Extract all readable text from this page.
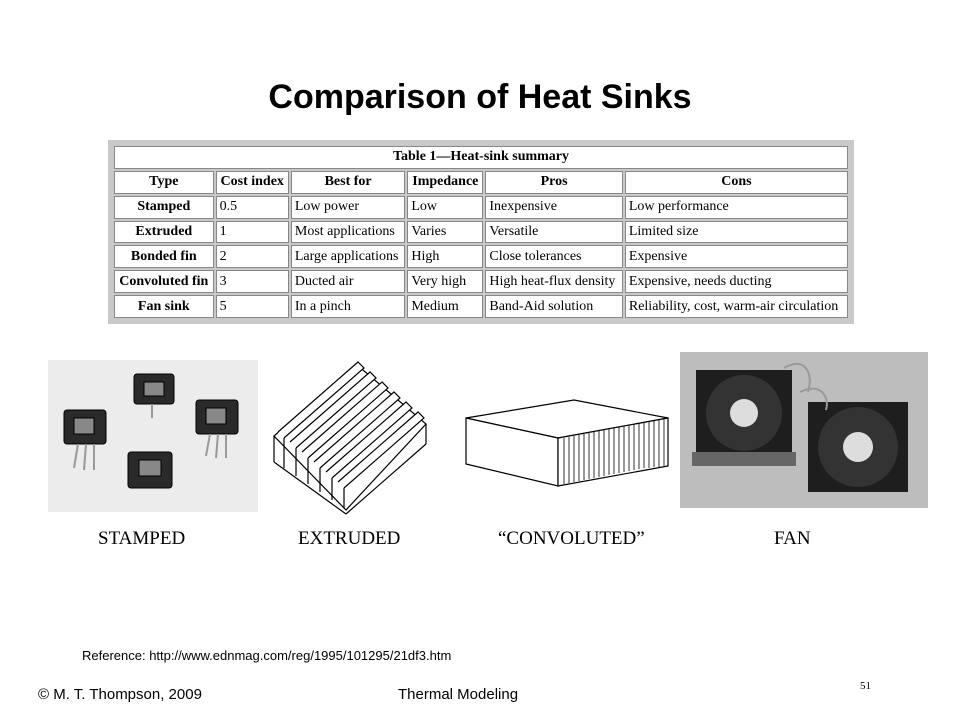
Comparison of Heat Sinks
Table 1—Heat-sink summary					
Type	Cost index	Best for	Impedance	Pros	Cons
Stamped	0.5	Low power	Low	Inexpensive	Low performance
Extruded	1	Most applications	Varies	Versatile	Limited size
Bonded fin	2	Large applications	High	Close tolerances	Expensive
Convoluted fin	3	Ducted air	Very high	High heat-flux density	Expensive, needs ducting
Fan sink	5	In a pinch	Medium	Band-Aid solution	Reliability, cost, warm-air circulation
STAMPED	EXTRUDED	“CONVOLUTED”	FAN
Reference: http://www.ednmag.com/reg/1995/101295/21df3.htm
© M. T. Thompson, 2009	Thermal Modeling	51
